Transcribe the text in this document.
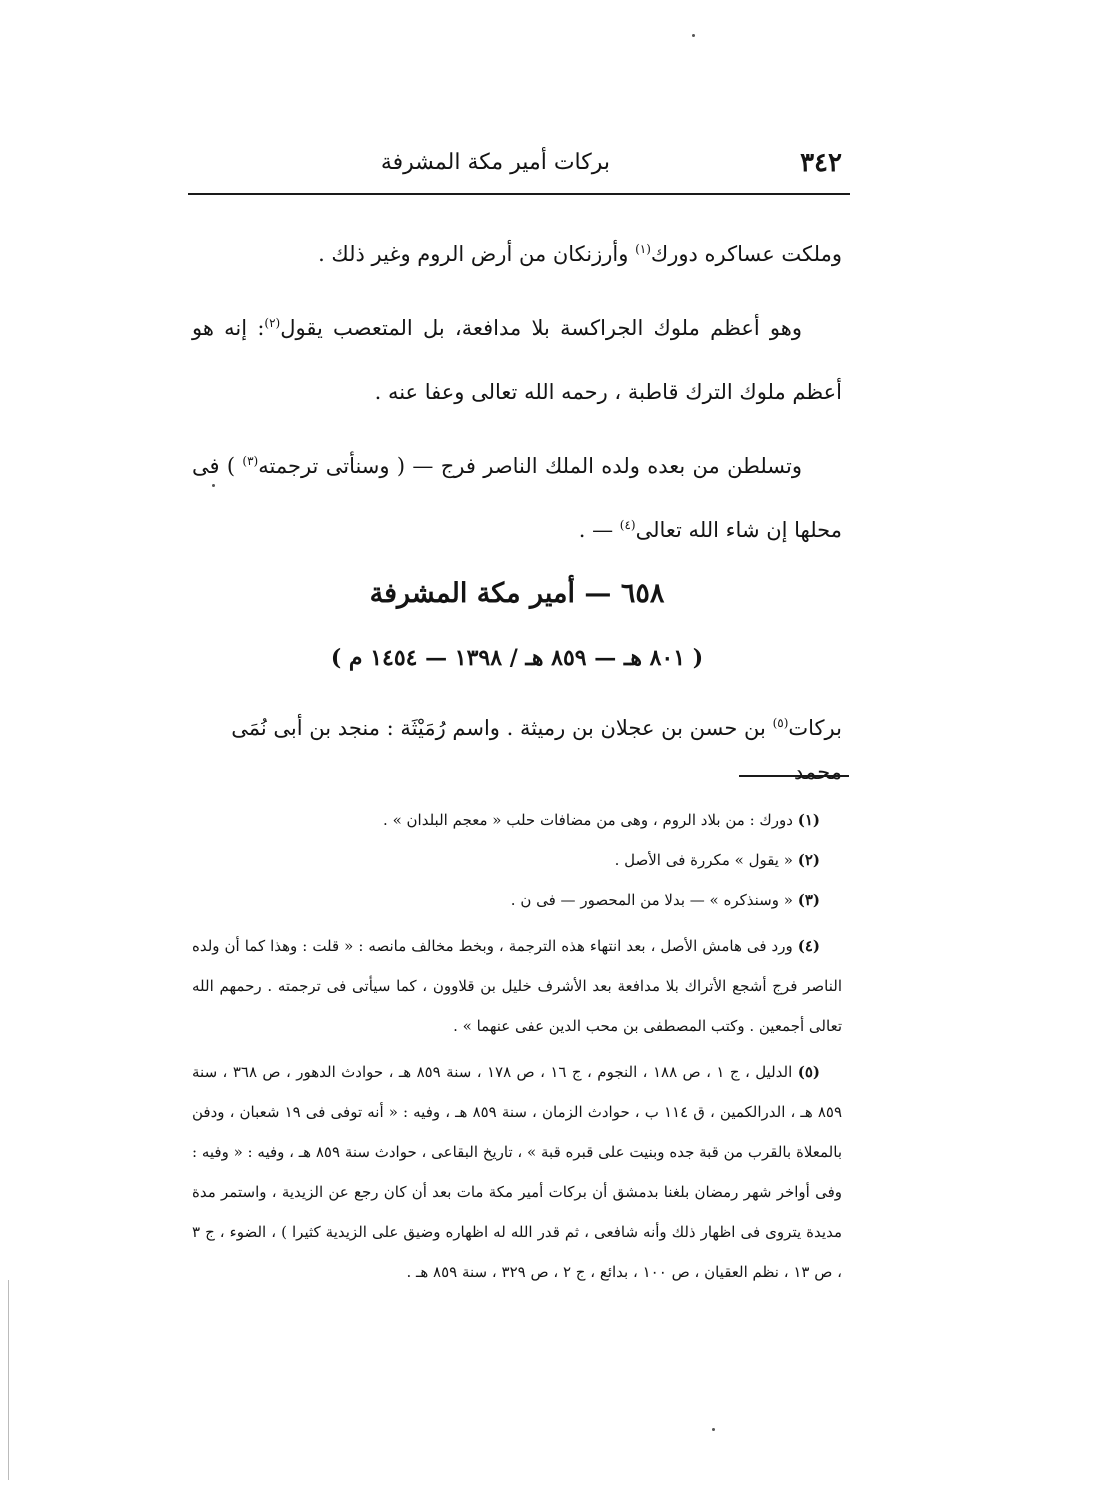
٣٤٢
بركات أمير مكة المشرفة

وملكت عساكره دورك$^{(١)}$ وأرزنكان من أرض الروم وغير ذلك .

وهو أعظم ملوك الجراكسة بلا مدافعة، بل المتعصب يقول$^{(٢)}$: إنه هو أعظم ملوك الترك قاطبة ، رحمه الله تعالى وعفا عنه .

وتسلطن من بعده ولده الملك الناصر فرج — ( وسنأتى ترجمته$^{(٣)}$ ) فى محلها إن شاء الله تعالى$^{(٤)}$ — .

٦٥٨ — أمير مكة المشرفة
( ٨٠١ هـ — ٨٥٩ هـ / ١٣٩٨ — ١٤٥٤ م )
بركات$^{(٥)}$ بن حسن بن عجلان بن رميثة . واسم رُمَيْثَة : منجد بن أبى نُمَى محمد

(١) دورك : من بلاد الروم ، وهى من مضافات حلب « معجم البلدان » .

(٢) « يقول » مكررة فى الأصل .

(٣) « وسنذكره » — بدلا من المحصور — فى ن .

(٤) ورد فى هامش الأصل ، بعد انتهاء هذه الترجمة ، وبخط مخالف مانصه : « قلت : وهذا كما أن ولده الناصر فرج أشجع الأتراك بلا مدافعة بعد الأشرف خليل بن قلاوون ، كما سيأتى فى ترجمته . رحمهم الله تعالى أجمعين . وكتب المصطفى بن محب الدين عفى عنهما » .

(٥) الدليل ، ج ١ ، ص ١٨٨ ، النجوم ، ج ١٦ ، ص ١٧٨ ، سنة ٨٥٩ هـ ، حوادث الدهور ، ص ٣٦٨ ، سنة ٨٥٩ هـ ، الدرالكمين ، ق ١١٤ ب ، حوادث الزمان ، سنة ٨٥٩ هـ ، وفيه : « أنه توفى فى ١٩ شعبان ، ودفن بالمعلاة بالقرب من قبة جده وبنيت على قبره قبة » ، تاريخ البقاعى ، حوادث سنة ٨٥٩ هـ ، وفيه : « وفيه : وفى أواخر شهر رمضان بلغنا بدمشق أن بركات أمير مكة مات بعد أن كان رجع عن الزيدية ، واستمر مدة مديدة يتروى فى اظهار ذلك وأنه شافعى ، ثم قدر الله له اظهاره وضيق على الزيدية كثيرا ) ، الضوء ، ج ٣ ، ص ١٣ ، نظم العقيان ، ص ١٠٠ ، بدائع ، ج ٢ ، ص ٣٢٩ ، سنة ٨٥٩ هـ .
